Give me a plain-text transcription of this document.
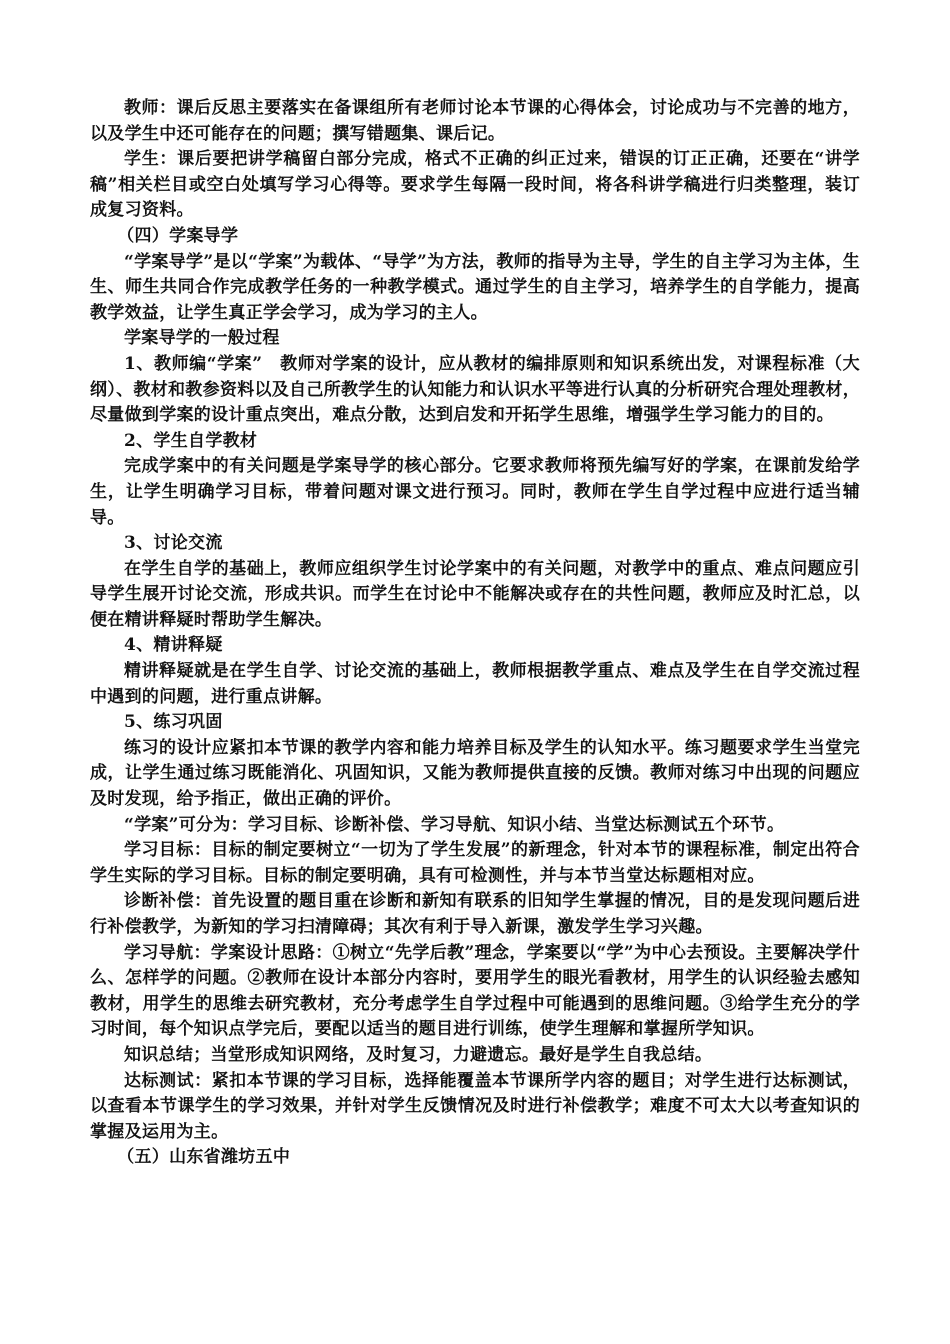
教师：课后反思主要落实在备课组所有老师讨论本节课的心得体会，讨论成功与不完善的地方，以及学生中还可能存在的问题；撰写错题集、课后记。

学生：课后要把讲学稿留白部分完成，格式不正确的纠正过来，错误的订正正确，还要在“讲学稿”相关栏目或空白处填写学习心得等。要求学生每隔一段时间，将各科讲学稿进行归类整理，装订成复习资料。

（四）学案导学

“学案导学”是以“学案”为载体、“导学”为方法，教师的指导为主导，学生的自主学习为主体，生生、师生共同合作完成教学任务的一种教学模式。通过学生的自主学习，培养学生的自学能力，提高教学效益，让学生真正学会学习，成为学习的主人。

学案导学的一般过程

1、教师编“学案”　教师对学案的设计，应从教材的编排原则和知识系统出发，对课程标准（大纲）、教材和教参资料以及自己所教学生的认知能力和认识水平等进行认真的分析研究合理处理教材，尽量做到学案的设计重点突出，难点分散，达到启发和开拓学生思维，增强学生学习能力的目的。

2、学生自学教材

完成学案中的有关问题是学案导学的核心部分。它要求教师将预先编写好的学案，在课前发给学生，让学生明确学习目标，带着问题对课文进行预习。同时，教师在学生自学过程中应进行适当辅导。

3、讨论交流

在学生自学的基础上，教师应组织学生讨论学案中的有关问题，对教学中的重点、难点问题应引导学生展开讨论交流，形成共识。而学生在讨论中不能解决或存在的共性问题，教师应及时汇总，以便在精讲释疑时帮助学生解决。

4、精讲释疑

精讲释疑就是在学生自学、讨论交流的基础上，教师根据教学重点、难点及学生在自学交流过程中遇到的问题，进行重点讲解。

5、练习巩固

练习的设计应紧扣本节课的教学内容和能力培养目标及学生的认知水平。练习题要求学生当堂完成，让学生通过练习既能消化、巩固知识，又能为教师提供直接的反馈。教师对练习中出现的问题应及时发现，给予指正，做出正确的评价。

“学案”可分为：学习目标、诊断补偿、学习导航、知识小结、当堂达标测试五个环节。

学习目标：目标的制定要树立“一切为了学生发展”的新理念，针对本节的课程标准，制定出符合学生实际的学习目标。目标的制定要明确，具有可检测性，并与本节当堂达标题相对应。

诊断补偿：首先设置的题目重在诊断和新知有联系的旧知学生掌握的情况，目的是发现问题后进行补偿教学，为新知的学习扫清障碍；其次有利于导入新课，激发学生学习兴趣。

学习导航：学案设计思路：①树立“先学后教”理念，学案要以“学”为中心去预设。主要解决学什么、怎样学的问题。②教师在设计本部分内容时，要用学生的眼光看教材，用学生的认识经验去感知教材，用学生的思维去研究教材，充分考虑学生自学过程中可能遇到的思维问题。③给学生充分的学习时间，每个知识点学完后，要配以适当的题目进行训练，使学生理解和掌握所学知识。

知识总结；当堂形成知识网络，及时复习，力避遗忘。最好是学生自我总结。

达标测试：紧扣本节课的学习目标，选择能覆盖本节课所学内容的题目；对学生进行达标测试，以查看本节课学生的学习效果，并针对学生反馈情况及时进行补偿教学；难度不可太大以考查知识的掌握及运用为主。

（五）山东省潍坊五中
